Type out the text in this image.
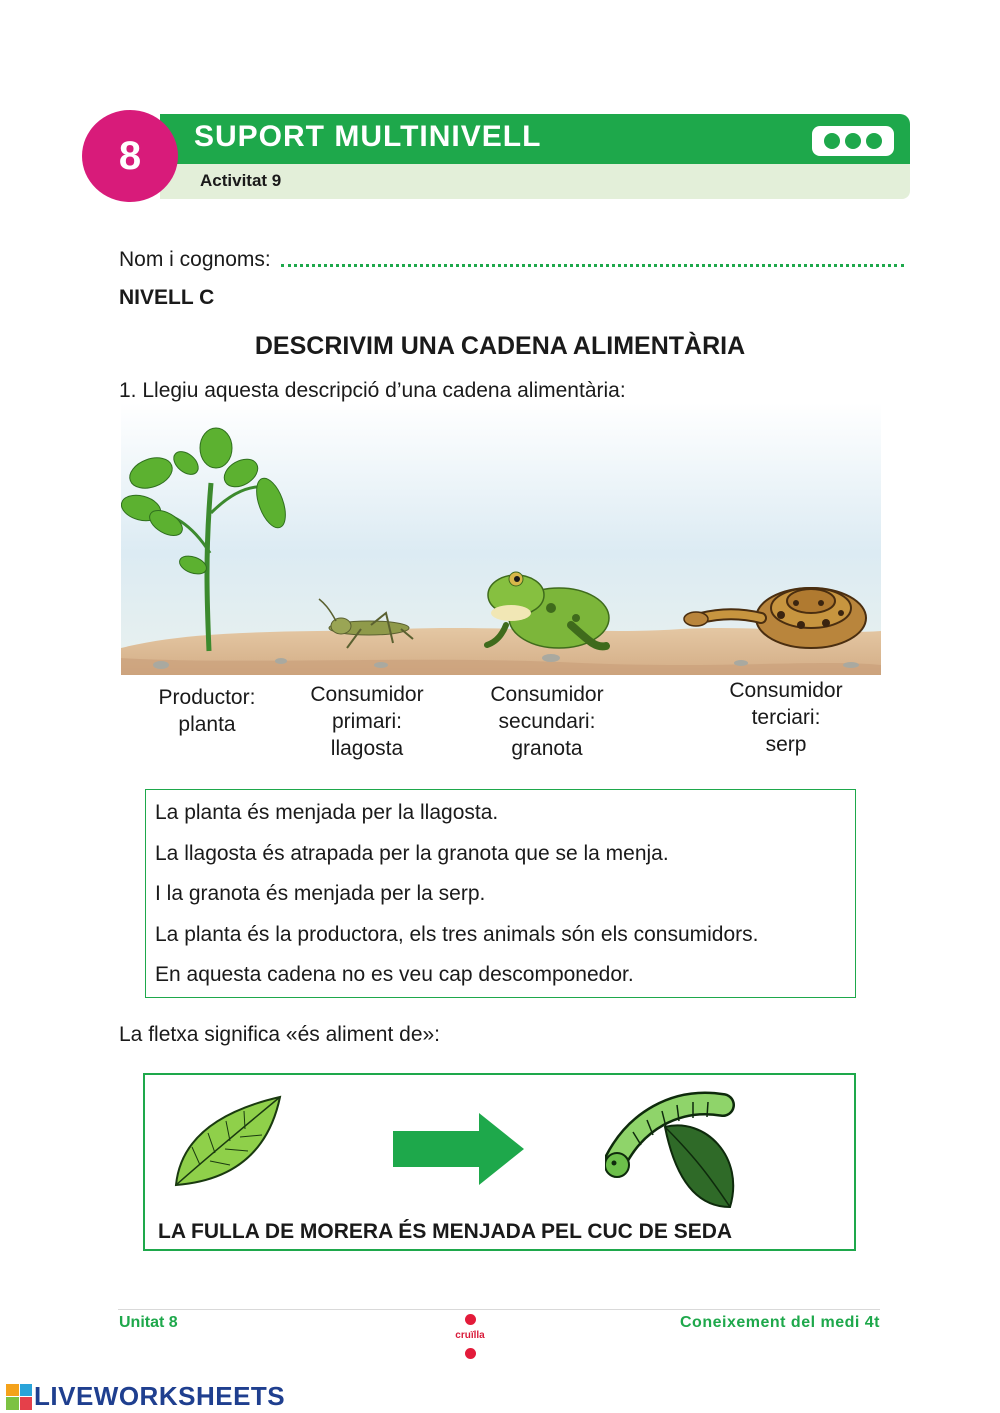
8	SUPORT MULTINIVELL
Activitat 9
Nom i cognoms:
NIVELL C
DESCRIVIM UNA CADENA ALIMENTÀRIA
1. Llegiu aquesta descripció d’una cadena alimentària:
Productor:
planta
Consumidor
primari:
llagosta
Consumidor
secundari:
granota
Consumidor
terciari:
serp
La planta és menjada per la llagosta.
La llagosta és atrapada per la granota que se la menja.
I la granota és menjada per la serp.
La planta és la productora, els tres animals són els consumidors.
En aquesta cadena no es veu cap descomponedor.
La fletxa significa «és aliment de»:
LA FULLA DE MORERA ÉS MENJADA PEL CUC DE SEDA
Unitat 8
cruïlla
Coneixement del medi 4t
LIVEWORKSHEETS
